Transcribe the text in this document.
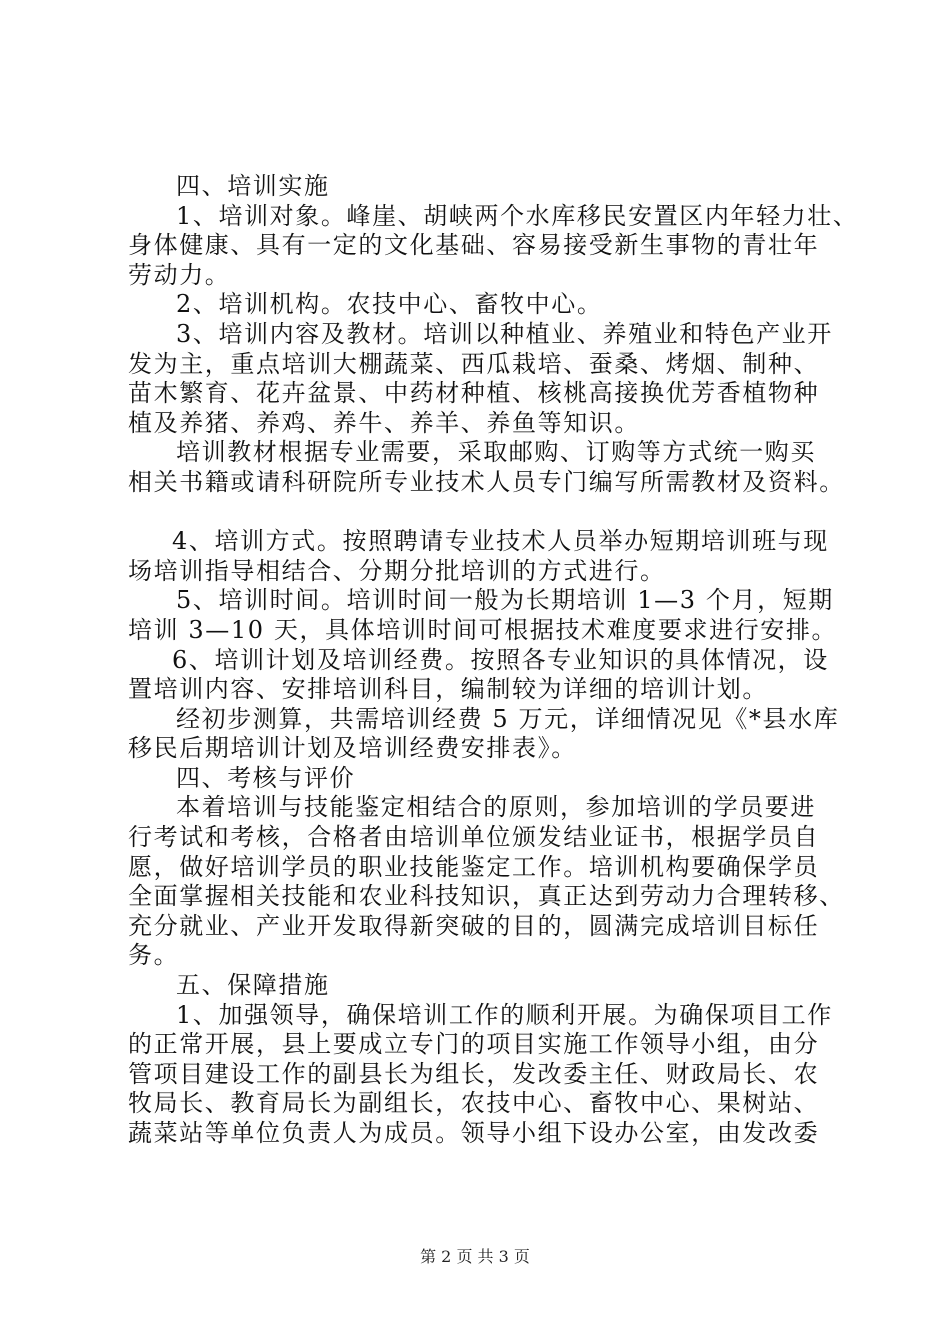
四、培训实施
1、培训对象。峰崖、胡峡两个水库移民安置区内年轻力壮、
身体健康、具有一定的文化基础、容易接受新生事物的青壮年
劳动力。
2、培训机构。农技中心、畜牧中心。
3、培训内容及教材。培训以种植业、养殖业和特色产业开
发为主，重点培训大棚蔬菜、西瓜栽培、蚕桑、烤烟、制种、
苗木繁育、花卉盆景、中药材种植、核桃高接换优芳香植物种
植及养猪、养鸡、养牛、养羊、养鱼等知识。
培训教材根据专业需要，采取邮购、订购等方式统一购买
相关书籍或请科研院所专业技术人员专门编写所需教材及资料。
4、培训方式。按照聘请专业技术人员举办短期培训班与现
场培训指导相结合、分期分批培训的方式进行。
5、培训时间。培训时间一般为长期培训 1—3 个月，短期
培训 3—10 天，具体培训时间可根据技术难度要求进行安排。
6、培训计划及培训经费。按照各专业知识的具体情况，设
置培训内容、安排培训科目，编制较为详细的培训计划。
经初步测算，共需培训经费 5 万元，详细情况见《*县水库
移民后期培训计划及培训经费安排表》。
四、考核与评价
本着培训与技能鉴定相结合的原则，参加培训的学员要进
行考试和考核，合格者由培训单位颁发结业证书，根据学员自
愿，做好培训学员的职业技能鉴定工作。培训机构要确保学员
全面掌握相关技能和农业科技知识，真正达到劳动力合理转移、
充分就业、产业开发取得新突破的目的，圆满完成培训目标任
务。
五、保障措施
1、加强领导，确保培训工作的顺利开展。为确保项目工作
的正常开展，县上要成立专门的项目实施工作领导小组，由分
管项目建设工作的副县长为组长，发改委主任、财政局长、农
牧局长、教育局长为副组长，农技中心、畜牧中心、果树站、
蔬菜站等单位负责人为成员。领导小组下设办公室，由发改委
第 2 页 共 3 页
